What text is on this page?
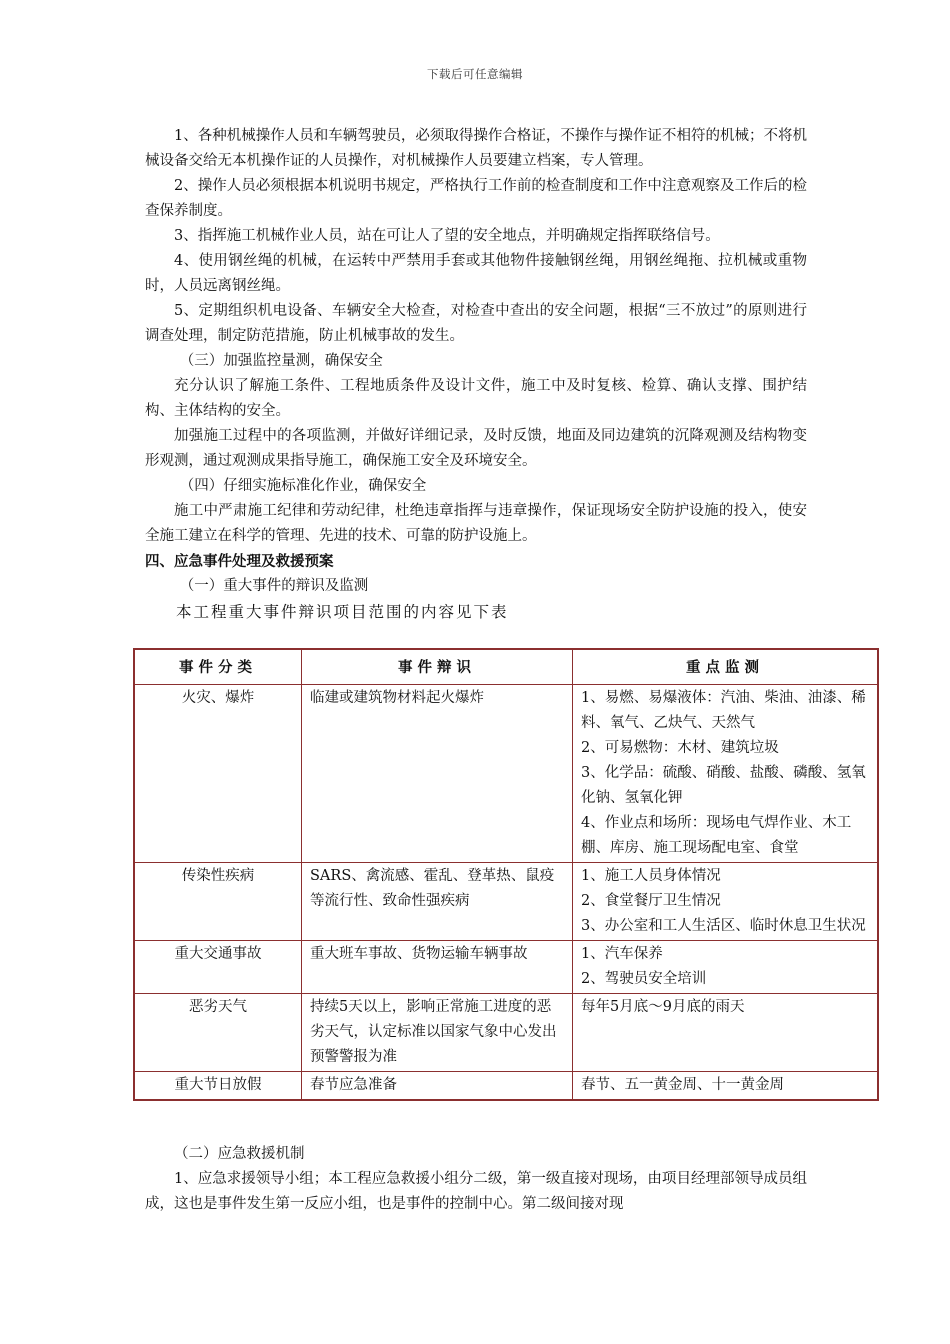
下载后可任意编辑

1、各种机械操作人员和车辆驾驶员，必须取得操作合格证，不操作与操作证不相符的机械；不将机械设备交给无本机操作证的人员操作，对机械操作人员要建立档案，专人管理。

2、操作人员必须根据本机说明书规定，严格执行工作前的检查制度和工作中注意观察及工作后的检查保养制度。

3、指挥施工机械作业人员，站在可让人了望的安全地点，并明确规定指挥联络信号。

4、使用钢丝绳的机械，在运转中严禁用手套或其他物件接触钢丝绳，用钢丝绳拖、拉机械或重物时，人员远离钢丝绳。

5、定期组织机电设备、车辆安全大检查，对检查中查出的安全问题，根据“三不放过”的原则进行调查处理，制定防范措施，防止机械事故的发生。

（三）加强监控量测，确保安全

充分认识了解施工条件、工程地质条件及设计文件，施工中及时复核、检算、确认支撑、围护结构、主体结构的安全。

加强施工过程中的各项监测，并做好详细记录，及时反馈，地面及同边建筑的沉降观测及结构物变形观测，通过观测成果指导施工，确保施工安全及环境安全。

（四）仔细实施标准化作业，确保安全

施工中严肃施工纪律和劳动纪律，杜绝违章指挥与违章操作，保证现场安全防护设施的投入，使安全施工建立在科学的管理、先进的技术、可靠的防护设施上。

四、应急事件处理及救援预案

（一）重大事件的辩识及监测

本工程重大事件辩识项目范围的内容见下表

事件分类	事件辩识	重点监测
火灾、爆炸	临建或建筑物材料起火爆炸	1、易燃、易爆液体：汽油、柴油、油漆、稀料、氧气、乙炔气、天然气
2、可易燃物：木材、建筑垃圾
3、化学品：硫酸、硝酸、盐酸、磷酸、氢氧化钠、氢氧化钾
4、作业点和场所：现场电气焊作业、木工棚、库房、施工现场配电室、食堂
传染性疾病	SARS、禽流感、霍乱、登革热、鼠疫等流行性、致命性强疾病	1、施工人员身体情况
2、食堂餐厅卫生情况
3、办公室和工人生活区、临时休息卫生状况
重大交通事故	重大班车事故、货物运输车辆事故	1、汽车保养
2、驾驶员安全培训
恶劣天气	持续5天以上，影响正常施工进度的恶劣天气，认定标准以国家气象中心发出预警警报为准	每年5月底～9月底的雨天
重大节日放假	春节应急准备	春节、五一黄金周、十一黄金周

（二）应急救援机制

1、应急求援领导小组；本工程应急救援小组分二级，第一级直接对现场，由项目经理部领导成员组成，这也是事件发生第一反应小组，也是事件的控制中心。第二级间接对现
